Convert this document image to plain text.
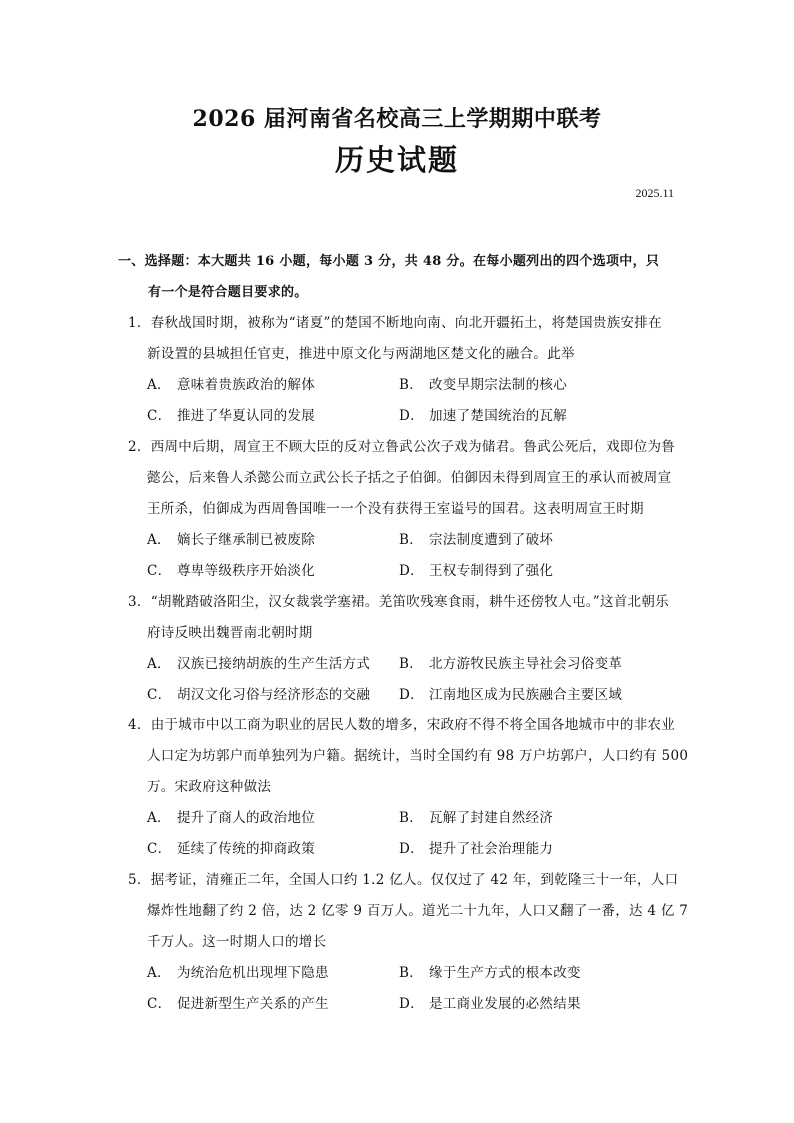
2026 届河南省名校高三上学期期中联考
历史试题
2025.11
一、选择题：本大题共 16 小题，每小题 3 分，共 48 分。在每小题列出的四个选项中，只
有一个是符合题目要求的。
1．春秋战国时期，被称为“诸夏”的楚国不断地向南、向北开疆拓土，将楚国贵族安排在
新设置的县城担任官吏，推进中原文化与两湖地区楚文化的融合。此举
A． 意味着贵族政治的解体	B． 改变早期宗法制的核心
C． 推进了华夏认同的发展	D． 加速了楚国统治的瓦解
2．西周中后期，周宣王不顾大臣的反对立鲁武公次子戏为储君。鲁武公死后，戏即位为鲁
懿公，后来鲁人杀懿公而立武公长子括之子伯御。伯御因未得到周宣王的承认而被周宣
王所杀，伯御成为西周鲁国唯一一个没有获得王室谥号的国君。这表明周宣王时期
A． 嫡长子继承制已被废除	B． 宗法制度遭到了破坏
C． 尊卑等级秩序开始淡化	D． 王权专制得到了强化
3．“胡靴踏破洛阳尘，汉女裁裳学塞裙。羌笛吹残寒食雨，耕牛还傍牧人屯。”这首北朝乐
府诗反映出魏晋南北朝时期
A． 汉族已接纳胡族的生产生活方式	B． 北方游牧民族主导社会习俗变革
C． 胡汉文化习俗与经济形态的交融	D． 江南地区成为民族融合主要区域
4．由于城市中以工商为职业的居民人数的增多，宋政府不得不将全国各地城市中的非农业
人口定为坊郭户而单独列为户籍。据统计，当时全国约有 98 万户坊郭户，人口约有 500
万。宋政府这种做法
A． 提升了商人的政治地位	B． 瓦解了封建自然经济
C． 延续了传统的抑商政策	D． 提升了社会治理能力
5．据考证，清雍正二年，全国人口约 1.2 亿人。仅仅过了 42 年，到乾隆三十一年，人口
爆炸性地翻了约 2 倍，达 2 亿零 9 百万人。道光二十九年，人口又翻了一番，达 4 亿 7
千万人。这一时期人口的增长
A． 为统治危机出现埋下隐患	B． 缘于生产方式的根本改变
C． 促进新型生产关系的产生	D． 是工商业发展的必然结果
